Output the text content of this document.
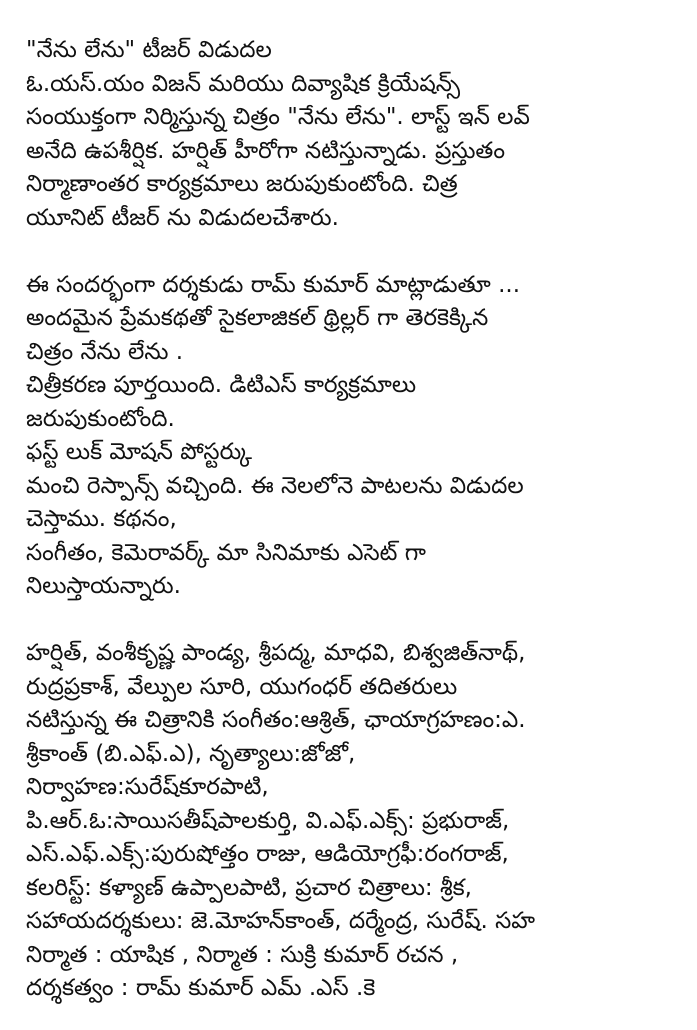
"నేను లేను" టీజర్ విడుదల
ఓ.యస్.యం విజన్ మరియు దివ్యాషిక క్రియేషన్స్
సంయుక్తంగా నిర్మిస్తున్న చిత్రం "నేను లేను". లాస్ట్ ఇన్ లవ్
అనేది ఉపశీర్షిక. హర్షిత్ హీరోగా నటిస్తున్నాడు. ప్రస్తుతం
నిర్మాణాంతర కార్యక్రమాలు జరుపుకుంటోంది. చిత్ర
యూనిట్ టీజర్ ను విడుదలచేశారు.
ఈ సందర్భంగా దర్శకుడు రామ్ కుమార్ మాట్లాడుతూ ...
అందమైన ప్రేమకథతో సైకలాజికల్ థ్రిల్లర్ గా తెరకెక్కిన
చిత్రం నేను లేను .
చిత్రీకరణ పూర్తయింది. డిటిఎస్ కార్యక్రమాలు
జరుపుకుంటోంది.
ఫస్ట్ లుక్ మోషన్ పోస్టర్కు
మంచి రెస్పాన్స్ వచ్చింది. ఈ నెలలోనె పాటలను విడుదల
చెస్తాము. కథనం,
సంగీతం, కెమెరావర్క్ మా సినిమాకు ఎసెట్ గా
నిలుస్తాయన్నారు.
హర్షిత్, వంశీకృష్ణ పాండ్య, శ్రీపద్మ, మాధవి, బిశ్వజిత్‌నాథ్,
రుద్రప్రకాశ్, వేల్పుల సూరి, యుగంధర్ తదితరులు
నటిస్తున్న ఈ చిత్రానికి సంగీతం:ఆశ్రిత్, ఛాయాగ్రహణం:ఎ.
శ్రీకాంత్ (బి.ఎఫ్.ఎ), నృత్యాలు:జోజో,
నిర్వాహణ:సురేష్‌కూరపాటి,
పి.ఆర్.ఓ:సాయిసతీష్‌పాలకుర్తి, వి.ఎఫ్.ఎక్స్: ప్రభురాజ్,
ఎస్.ఎఫ్.ఎక్స్:పురుషోత్తం రాజు, ఆడియోగ్రఫీ:రంగరాజ్,
కలరిస్ట్: కళ్యాణ్ ఉప్పాలపాటి, ప్రచార చిత్రాలు: శ్రీక,
సహాయదర్శకులు: జె.మోహన్‌కాంత్, దర్మేంద్ర, సురేష్. సహ
నిర్మాత : యాషిక , నిర్మాత : సుక్రి కుమార్ రచన ,
దర్శకత్వం : రామ్ కుమార్ ఎమ్ .ఎస్ .కె
